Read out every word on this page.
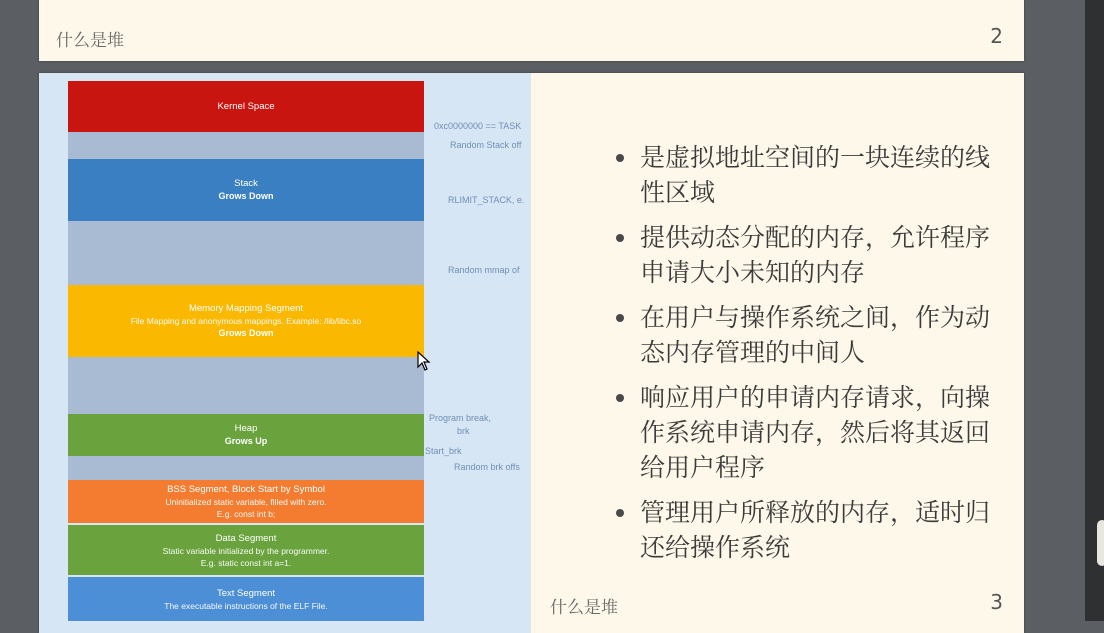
什么是堆	2
Kernel Space
Stack
Grows Down
Memory Mapping Segment
File Mapping and anonymous mappings. Example: /lib/libc.so
Grows Down
Heap
Grows Up
BSS Segment, Block Start by Symbol
Uninitialized static variable, filled with zero.
E.g. const int b;
Data Segment
Static variable initialized by the programmer.
E.g. static const int a=1.
Text Segment
The executable instructions of the ELF File.
0xc0000000 == TASK
Random Stack off
RLIMIT_STACK, e.
Random mmap of
Program break,
brk
Start_brk
Random brk offs
是虚拟地址空间的一块连续的线性区域
提供动态分配的内存，允许程序申请大小未知的内存
在用户与操作系统之间，作为动态内存管理的中间人
响应用户的申请内存请求，向操作系统申请内存，然后将其返回给用户程序
管理用户所释放的内存，适时归还给操作系统
什么是堆	3
